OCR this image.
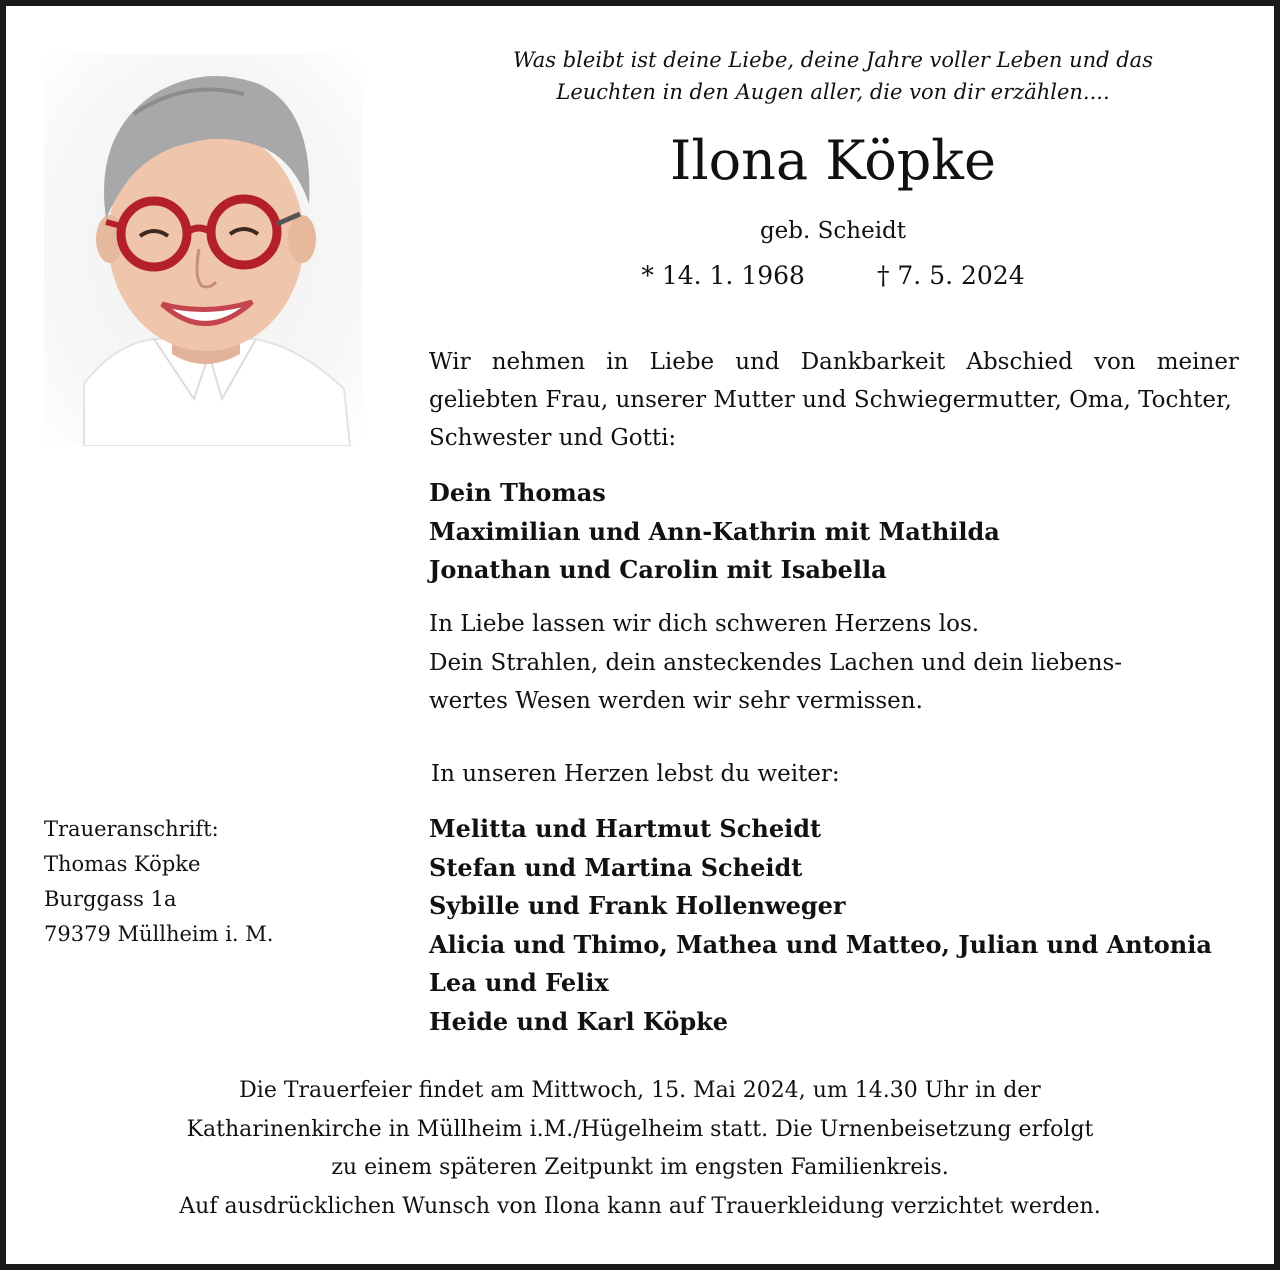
Was bleibt ist deine Liebe, deine Jahre voller Leben und das
Leuchten in den Augen aller, die von dir erzählen....
Ilona Köpke
geb. Scheidt
* 14. 1. 1968	† 7. 5. 2024
Wir nehmen in Liebe und Dankbarkeit Abschied von meiner
geliebten Frau, unserer Mutter und Schwiegermutter, Oma, Tochter,
Schwester und Gotti:
Dein Thomas
Maximilian und Ann-Kathrin mit Mathilda
Jonathan und Carolin mit Isabella
In Liebe lassen wir dich schweren Herzens los.
Dein Strahlen, dein ansteckendes Lachen und dein liebens-
wertes Wesen werden wir sehr vermissen.
In unseren Herzen lebst du weiter:
Melitta und Hartmut Scheidt
Stefan und Martina Scheidt
Sybille und Frank Hollenweger
Alicia und Thimo, Mathea und Matteo, Julian und Antonia
Lea und Felix
Heide und Karl Köpke
Traueranschrift:
Thomas Köpke
Burggass 1a
79379 Müllheim i. M.
Die Trauerfeier findet am Mittwoch, 15. Mai 2024, um 14.30 Uhr in der
Katharinenkirche in Müllheim i.M./Hügelheim statt. Die Urnenbeisetzung erfolgt
zu einem späteren Zeitpunkt im engsten Familienkreis.
Auf ausdrücklichen Wunsch von Ilona kann auf Trauerkleidung verzichtet werden.
